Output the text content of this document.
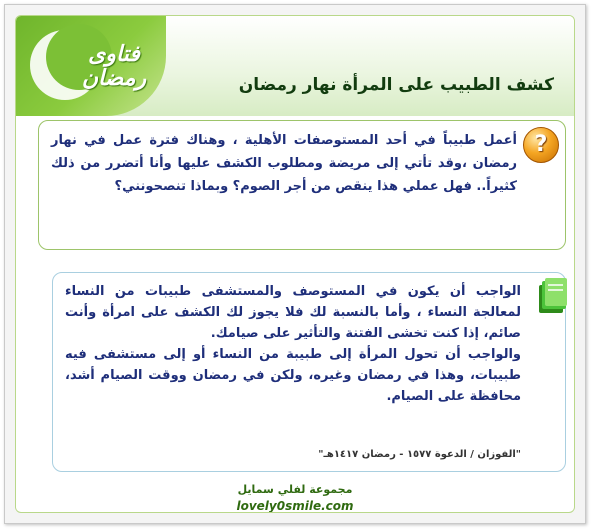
فتاوى
رمضان	كشف الطبيب على المرأة نهار رمضان
?
أعمل طبيباً في أحد المستوصفات الأهلية ، وهناك فترة عمل في نهار رمضان ،وقد تأتي إلى مريضة ومطلوب الكشف عليها وأنا أتضرر من ذلك كثيراً.. فهل عملي هذا ينقص من أجر الصوم؟ وبماذا تنصحونني؟
الواجب أن يكون في المستوصف والمستشفى طبيبات من النساء لمعالجة النساء ، وأما بالنسبة لك فلا يجوز لك الكشف على امرأة وأنت صائم، إذا كنت تخشى الفتنة والتأثير على صيامك.
والواجب أن تحول المرأة إلى طبيبة من النساء أو إلى مستشفى فيه طبيبات، وهذا في رمضان وغيره، ولكن في رمضان ووقت الصيام أشد، محافظة على الصيام.
"الفوزان / الدعوة ١٥٧٧ - رمضان ١٤١٧هـ"
مجموعة لفلي سمايل
lovely0smile.com
